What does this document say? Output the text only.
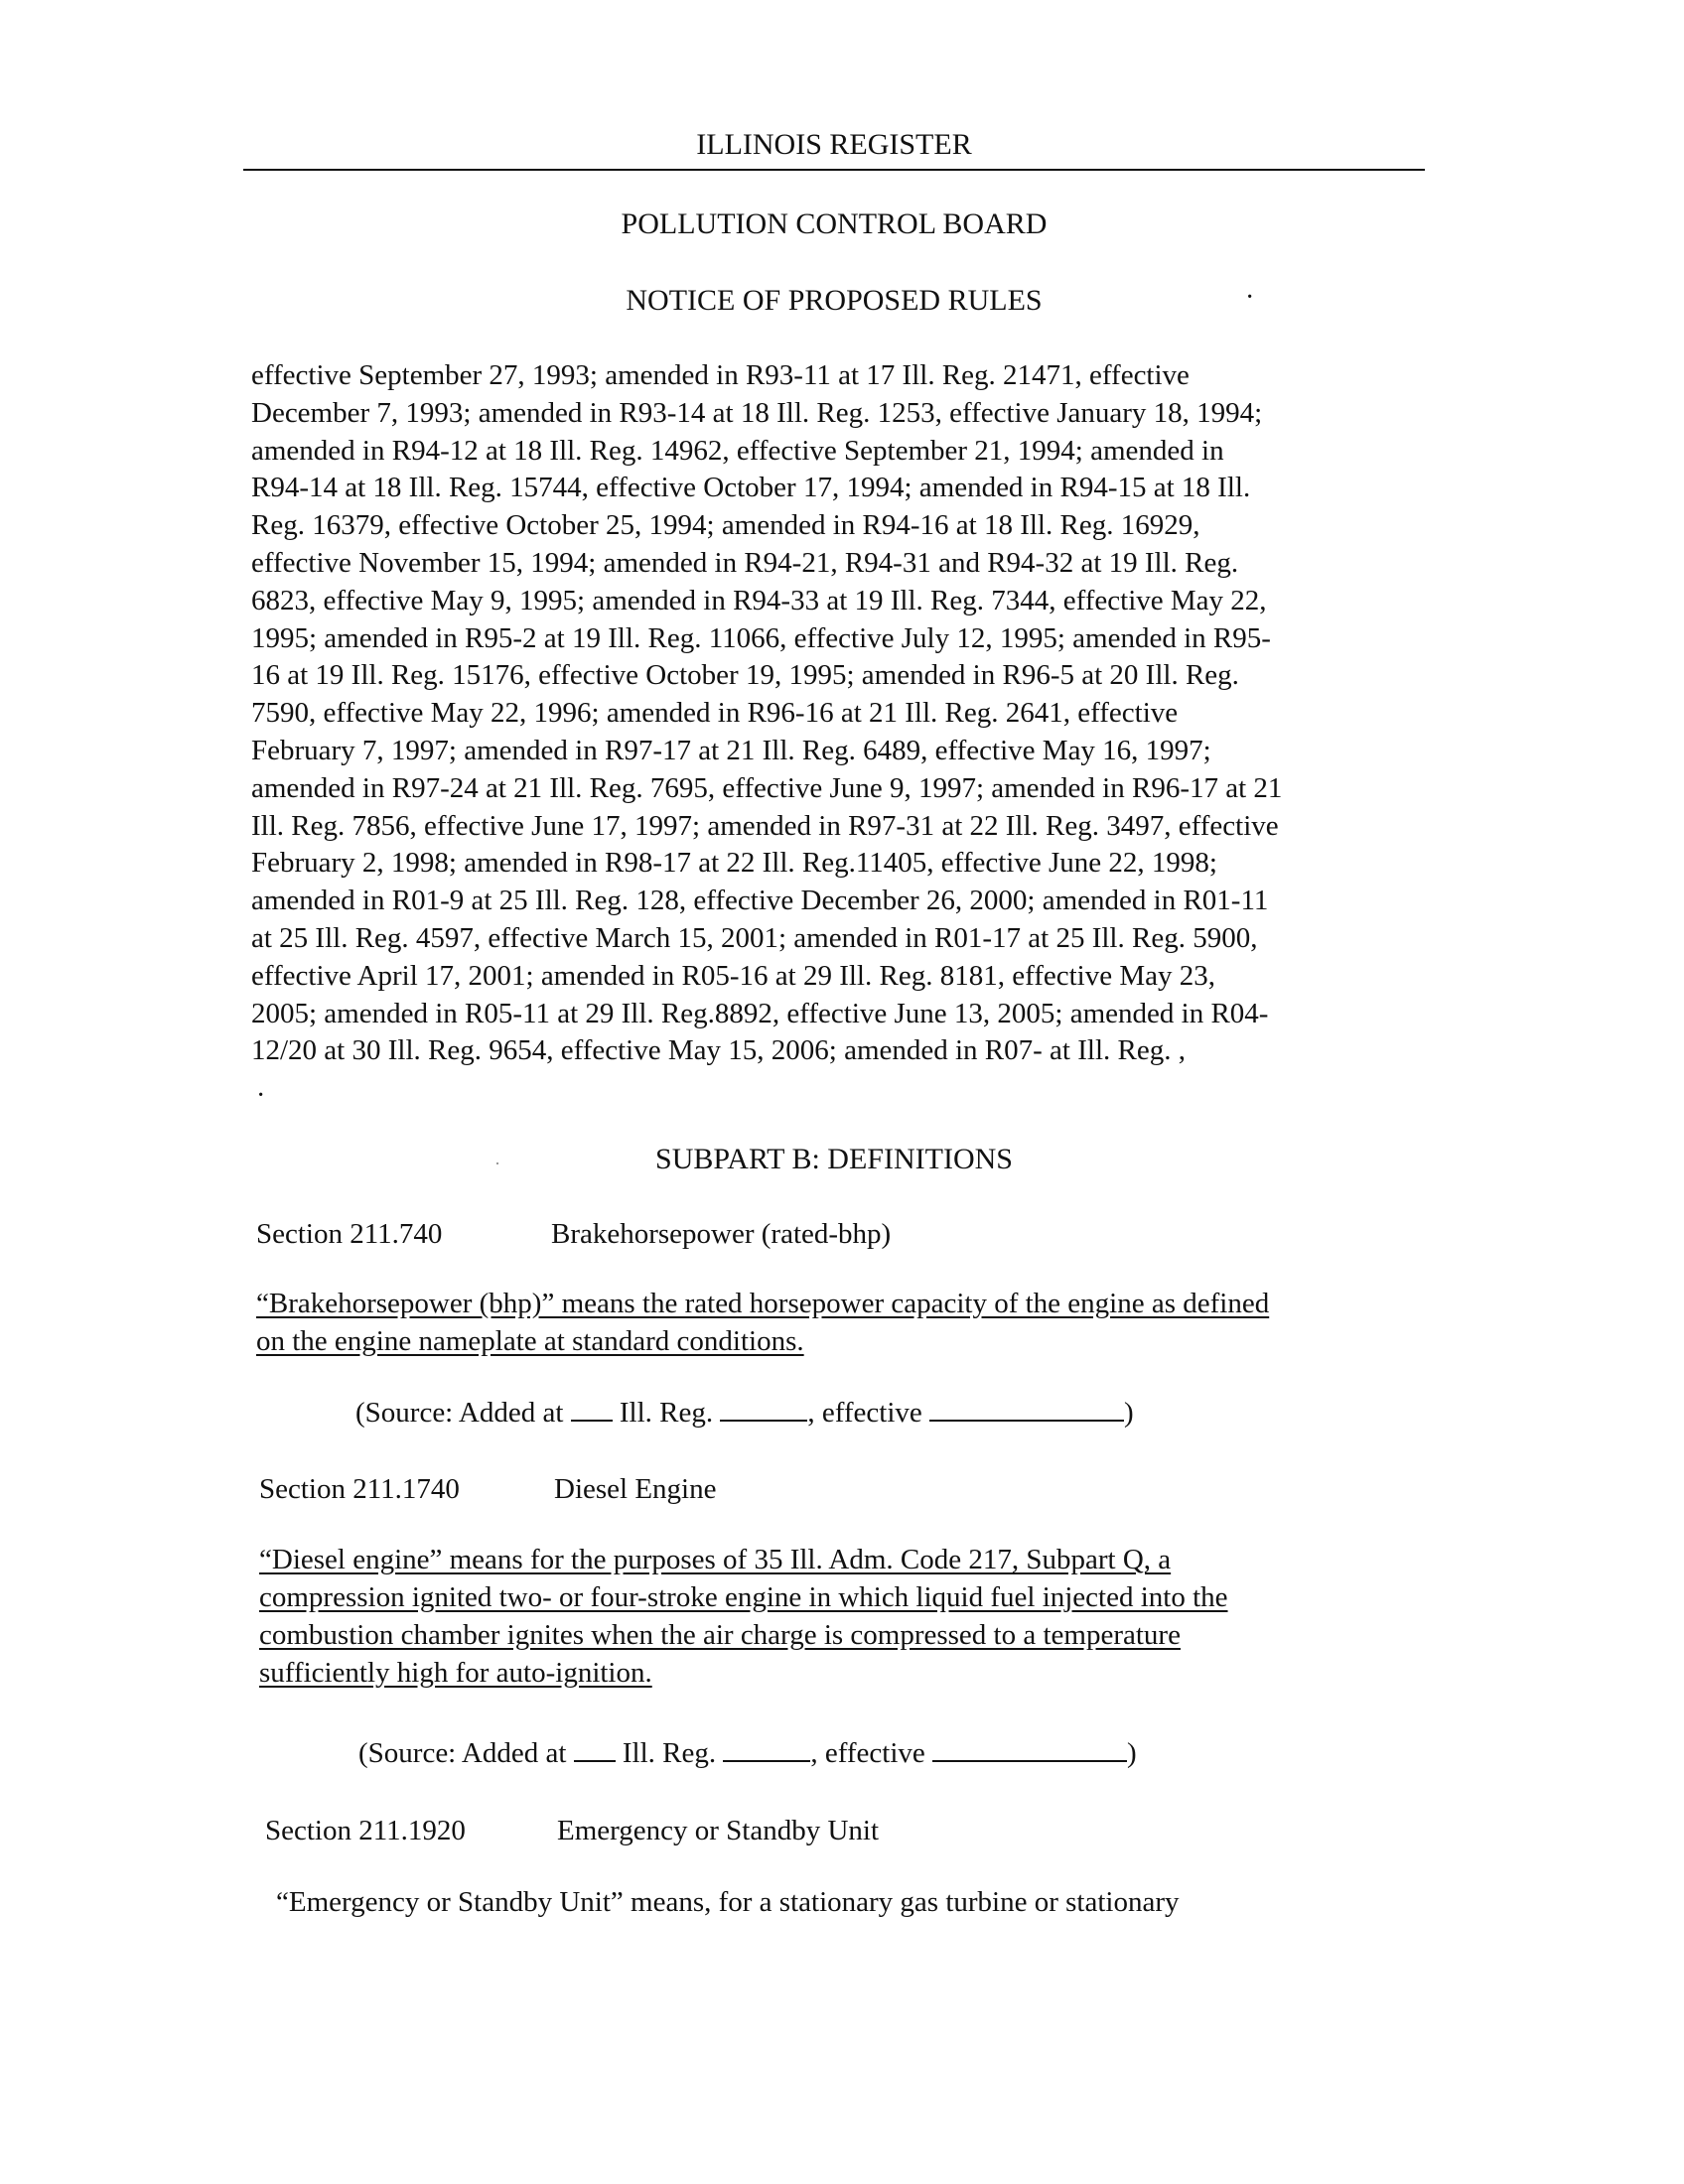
ILLINOIS REGISTER
POLLUTION CONTROL BOARD
NOTICE OF PROPOSED RULES	·
effective September 27, 1993; amended in R93-11 at 17 Ill. Reg. 21471, effective
December 7, 1993; amended in R93-14 at 18 Ill. Reg. 1253, effective January 18, 1994;
amended in R94-12 at 18 Ill. Reg. 14962, effective September 21, 1994; amended in
R94-14 at 18 Ill. Reg. 15744, effective October 17, 1994; amended in R94-15 at 18 Ill.
Reg. 16379, effective October 25, 1994; amended in R94-16 at 18 Ill. Reg. 16929,
effective November 15, 1994; amended in R94-21, R94-31 and R94-32 at 19 Ill. Reg.
6823, effective May 9, 1995; amended in R94-33 at 19 Ill. Reg. 7344, effective May 22,
1995; amended in R95-2 at 19 Ill. Reg. 11066, effective July 12, 1995; amended in R95-
16 at 19 Ill. Reg. 15176, effective October 19, 1995; amended in R96-5 at 20 Ill. Reg.
7590, effective May 22, 1996; amended in R96-16 at 21 Ill. Reg. 2641, effective
February 7, 1997; amended in R97-17 at 21 Ill. Reg. 6489, effective May 16, 1997;
amended in R97-24 at 21 Ill. Reg. 7695, effective June 9, 1997; amended in R96-17 at 21
Ill. Reg. 7856, effective June 17, 1997; amended in R97-31 at 22 Ill. Reg. 3497, effective
February 2, 1998; amended in R98-17 at 22 Ill. Reg.11405, effective June 22, 1998;
amended in R01-9 at 25 Ill. Reg. 128, effective December 26, 2000; amended in R01-11
at 25 Ill. Reg. 4597, effective March 15, 2001; amended in R01-17 at 25 Ill. Reg. 5900,
effective April 17, 2001; amended in R05-16 at 29 Ill. Reg. 8181, effective May 23,
2005; amended in R05-11 at 29 Ill. Reg.8892, effective June 13, 2005; amended in R04-
12/20 at 30 Ill. Reg. 9654, effective May 15, 2006; amended in R07- at Ill. Reg. ,
·
SUBPART B: DEFINITIONS
·
Section 211.740	Brakehorsepower (rated-bhp)
“Brakehorsepower (bhp)” means the rated horsepower capacity of the engine as defined
on the engine nameplate at standard conditions.
(Source: Added at Ill. Reg.	, effective	)
Section 211.1740	Diesel Engine
“Diesel engine” means for the purposes of 35 Ill. Adm. Code 217, Subpart Q, a
compression ignited two- or four-stroke engine in which liquid fuel injected into the
combustion chamber ignites when the air charge is compressed to a temperature
sufficiently high for auto-ignition.
(Source: Added at Ill. Reg.	, effective	)
Section 211.1920	Emergency or Standby Unit
“Emergency or Standby Unit” means, for a stationary gas turbine or stationary
